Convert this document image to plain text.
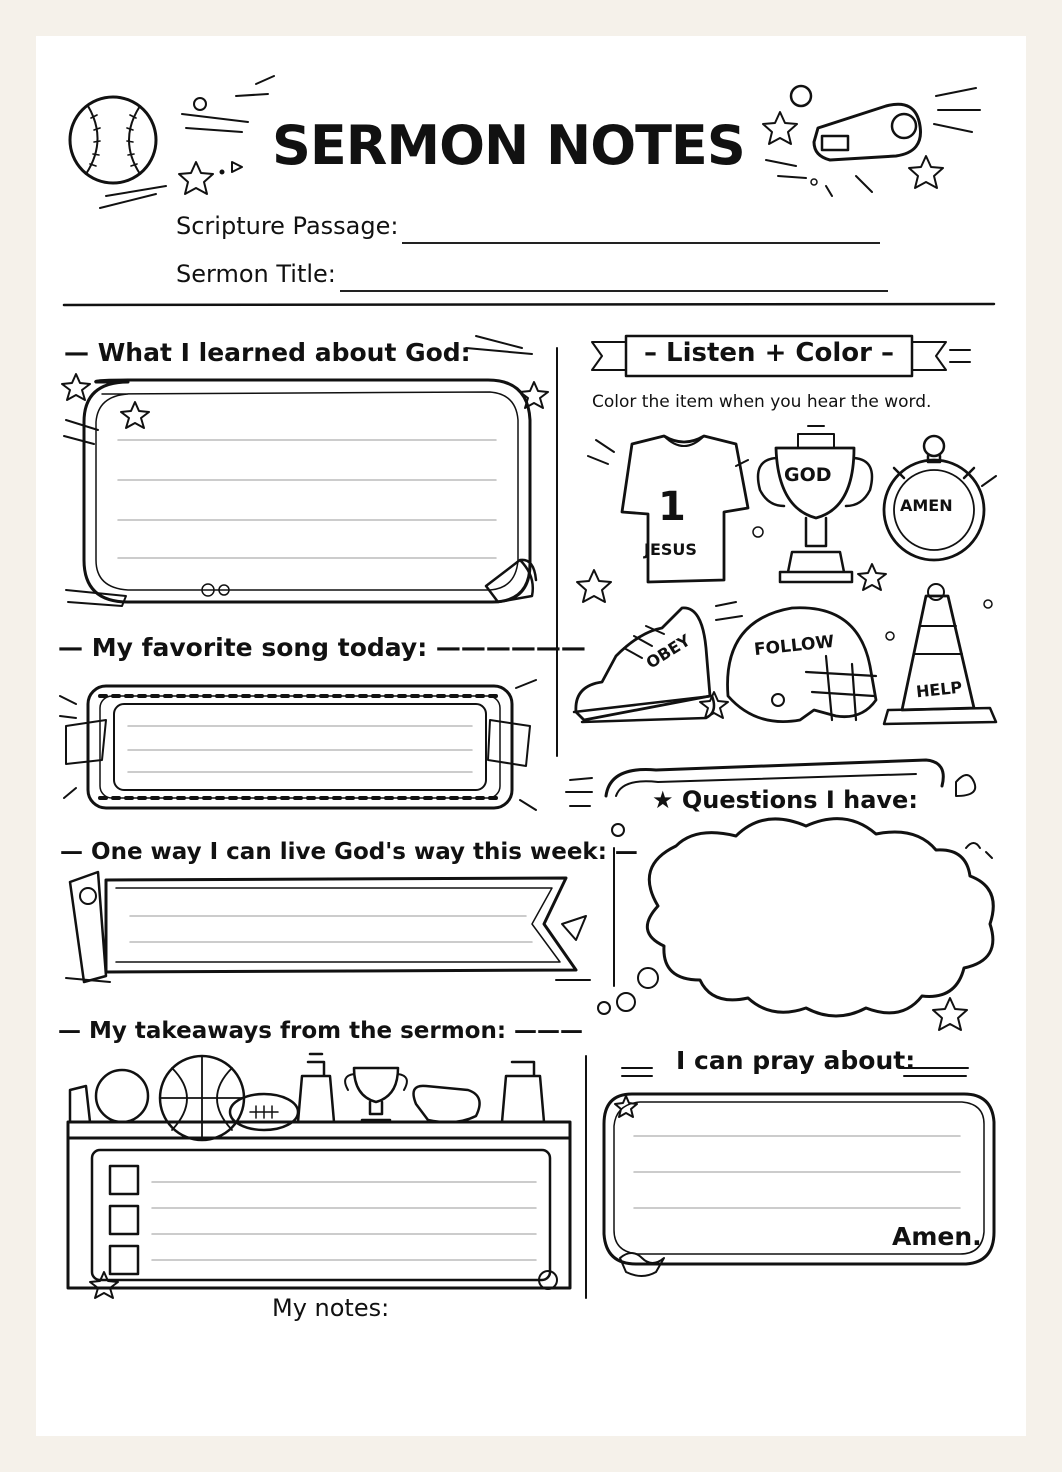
SERMON NOTES
Scripture Passage:
Sermon Title:
— What I learned about God:
— My favorite song today: ——————
— One way I can live God's way this week: —
— My takeaways from the sermon: ———
– Listen + Color –
Color the item when you hear the word.
1
JESUS
GOD
AMEN
OBEY	FOLLOW
HELP
★ Questions I have:
I can pray about:
Amen.
My notes:
